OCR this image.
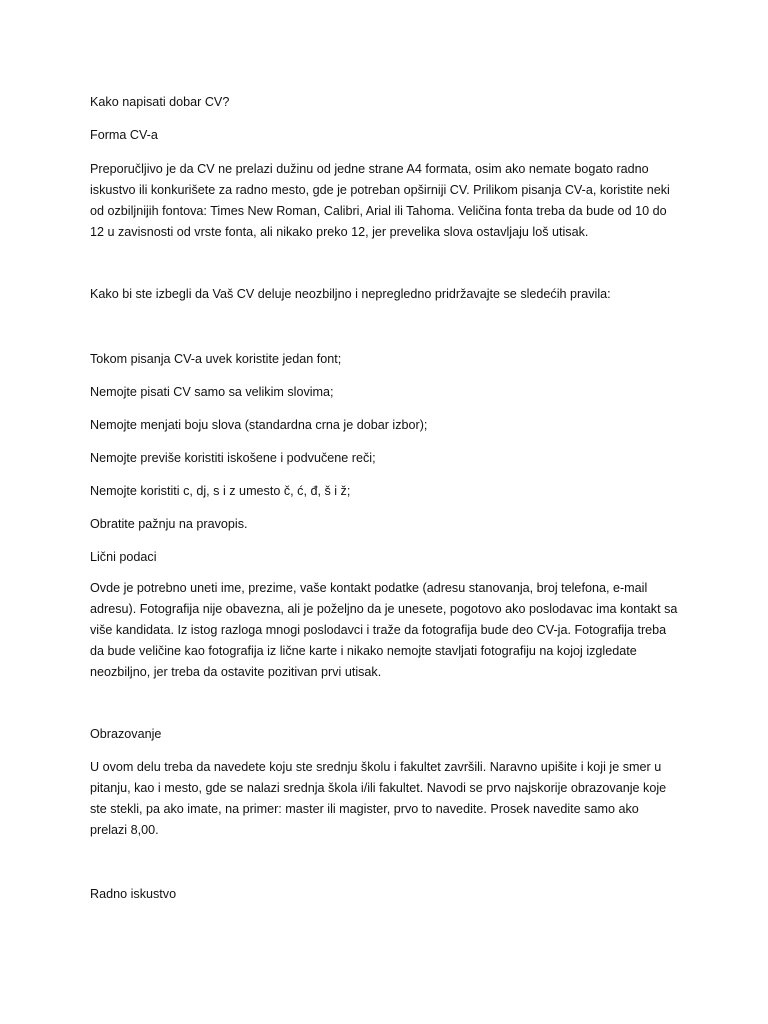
Kako napisati dobar CV?

Forma CV-a

Preporučljivo je da CV ne prelazi dužinu od jedne strane A4 formata, osim ako nemate bogato radno
iskustvo ili konkurišete za radno mesto, gde je potreban opširniji CV. Prilikom pisanja CV-a, koristite neki
od ozbiljnijih fontova: Times New Roman, Calibri, Arial ili Tahoma. Veličina fonta treba da bude od 10 do
12 u zavisnosti od vrste fonta, ali nikako preko 12, jer prevelika slova ostavljaju loš utisak.

Kako bi ste izbegli da Vaš CV deluje neozbiljno i nepregledno pridržavajte se sledećih pravila:

Tokom pisanja CV-a uvek koristite jedan font;

Nemojte pisati CV samo sa velikim slovima;

Nemojte menjati boju slova (standardna crna je dobar izbor);

Nemojte previše koristiti iskošene i podvučene reči;

Nemojte koristiti c, dj, s i z umesto č, ć, đ, š i ž;

Obratite pažnju na pravopis.

Lični podaci

Ovde je potrebno uneti ime, prezime, vaše kontakt podatke (adresu stanovanja, broj telefona, e-mail
adresu). Fotografija nije obavezna, ali je poželjno da je unesete, pogotovo ako poslodavac ima kontakt sa
više kandidata. Iz istog razloga mnogi poslodavci i traže da fotografija bude deo CV-ja. Fotografija treba
da bude veličine kao fotografija iz lične karte i nikako nemojte stavljati fotografiju na kojoj izgledate
neozbiljno, jer treba da ostavite pozitivan prvi utisak.

Obrazovanje

U ovom delu treba da navedete koju ste srednju školu i fakultet završili. Naravno upišite i koji je smer u
pitanju, kao i mesto, gde se nalazi srednja škola i/ili fakultet. Navodi se prvo najskorije obrazovanje koje
ste stekli, pa ako imate, na primer: master ili magister, prvo to navedite. Prosek navedite samo ako
prelazi 8,00.

Radno iskustvo
